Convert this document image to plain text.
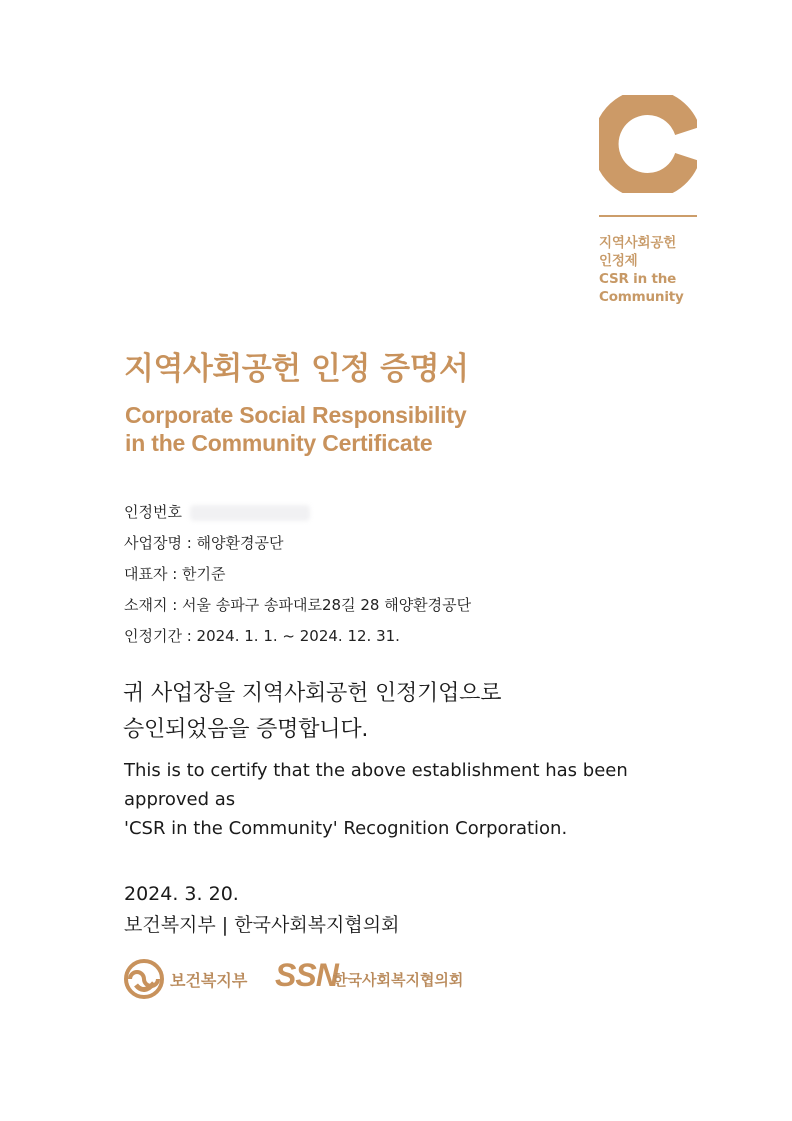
지역사회공헌
인정제
CSR in the
Community
지역사회공헌 인정 증명서
Corporate Social Responsibility
in the Community Certificate
인정번호
사업장명 : 해양환경공단
대표자 : 한기준
소재지 : 서울 송파구 송파대로28길 28 해양환경공단
인정기간 : 2024. 1. 1. ~ 2024. 12. 31.
귀 사업장을 지역사회공헌 인정기업으로
승인되었음을 증명합니다.
This is to certify that the above establishment has been
approved as
'CSR in the Community' Recognition Corporation.
2024. 3. 20.
보건복지부 | 한국사회복지협의회
보건복지부 SSN
한국사회복지협의회
